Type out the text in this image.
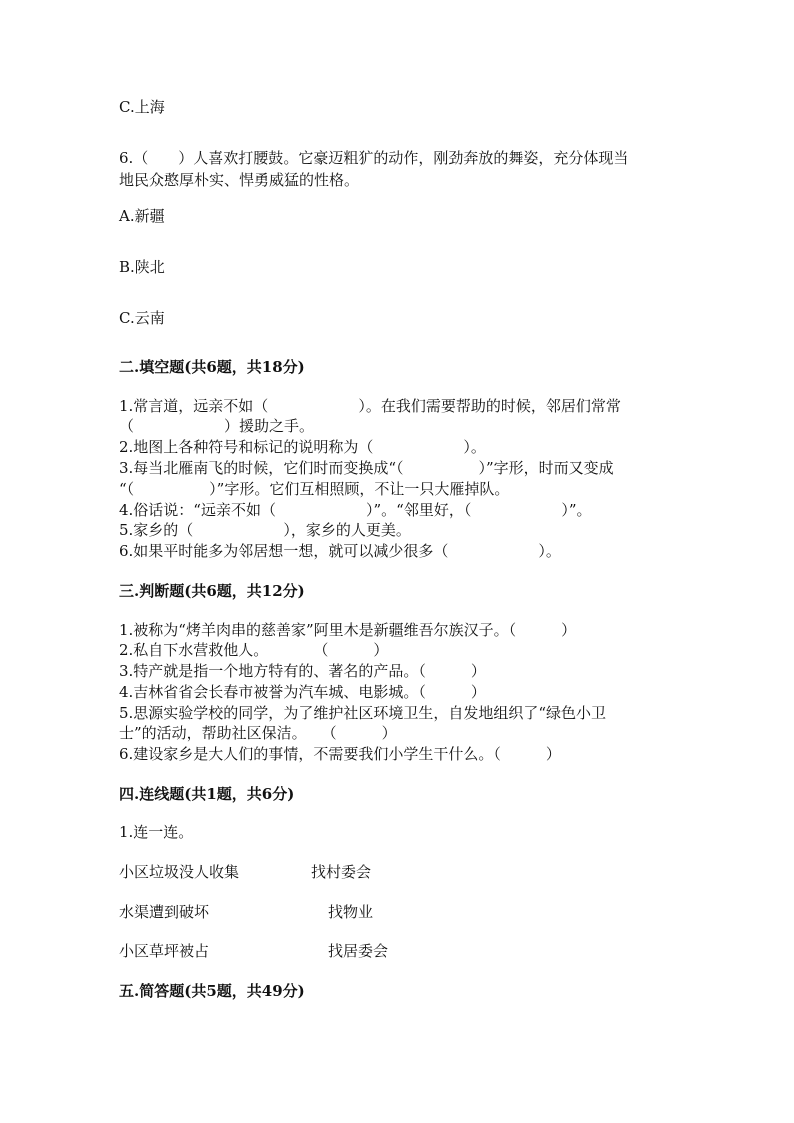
C.上海
6.（　　）人喜欢打腰鼓。它豪迈粗犷的动作，刚劲奔放的舞姿，充分体现当
地民众憨厚朴实、悍勇威猛的性格。
A.新疆
B.陕北
C.云南
二.填空题(共6题，共18分)
1.常言道，远亲不如（　　　　　　）。在我们需要帮助的时候，邻居们常常
（　　　　　　）援助之手。
2.地图上各种符号和标记的说明称为（　　　　　　）。
3.每当北雁南飞的时候，它们时而变换成“（　　　　　）”字形，时而又变成
“（　　　　　）”字形。它们互相照顾，不让一只大雁掉队。
4.俗话说：“远亲不如（　　　　　　）”。“邻里好，（　　　　　　）”。
5.家乡的（　　　　　　），家乡的人更美。
6.如果平时能多为邻居想一想，就可以减少很多（　　　　　　）。
三.判断题(共6题，共12分)
1.被称为“烤羊肉串的慈善家”阿里木是新疆维吾尔族汉子。（　　　）
2.私自下水营救他人。　　　　（　　　）
3.特产就是指一个地方特有的、著名的产品。（　　　）
4.吉林省省会长春市被誉为汽车城、电影城。（　　　）
5.思源实验学校的同学，为了维护社区环境卫生，自发地组织了“绿色小卫
士”的活动，帮助社区保洁。　　（　　　）
6.建设家乡是大人们的事情，不需要我们小学生干什么。（　　　）
四.连线题(共1题，共6分)
1.连一连。
小区垃圾没人收集	找村委会
水渠遭到破坏	找物业
小区草坪被占	找居委会
五.简答题(共5题，共49分)
